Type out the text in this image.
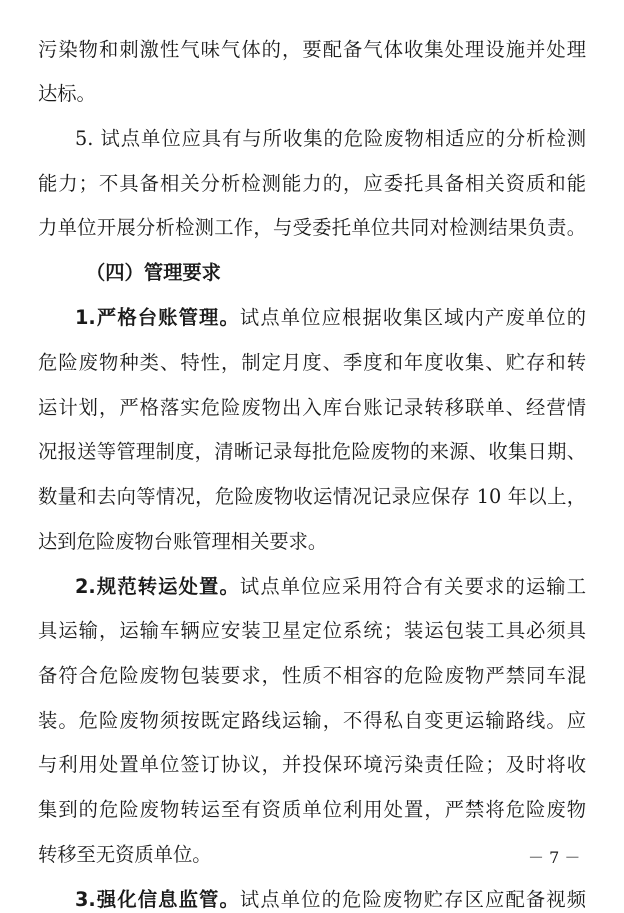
污染物和刺激性气味气体的，要配备气体收集处理设施并处理
达标。
5. 试点单位应具有与所收集的危险废物相适应的分析检测
能力；不具备相关分析检测能力的，应委托具备相关资质和能
力单位开展分析检测工作，与受委托单位共同对检测结果负责。
（四）管理要求
1.严格台账管理。试点单位应根据收集区域内产废单位的
危险废物种类、特性，制定月度、季度和年度收集、贮存和转
运计划，严格落实危险废物出入库台账记录转移联单、经营情
况报送等管理制度，清晰记录每批危险废物的来源、收集日期、
数量和去向等情况，危险废物收运情况记录应保存 10 年以上，
达到危险废物台账管理相关要求。
2.规范转运处置。试点单位应采用符合有关要求的运输工
具运输，运输车辆应安装卫星定位系统；装运包装工具必须具
备符合危险废物包装要求，性质不相容的危险废物严禁同车混
装。危险废物须按既定路线运输，不得私自变更运输路线。应
与利用处置单位签订协议，并投保环境污染责任险；及时将收
集到的危险废物转运至有资质单位利用处置，严禁将危险废物
转移至无资质单位。
3.强化信息监管。试点单位的危险废物贮存区应配备视频
－ 7 －
